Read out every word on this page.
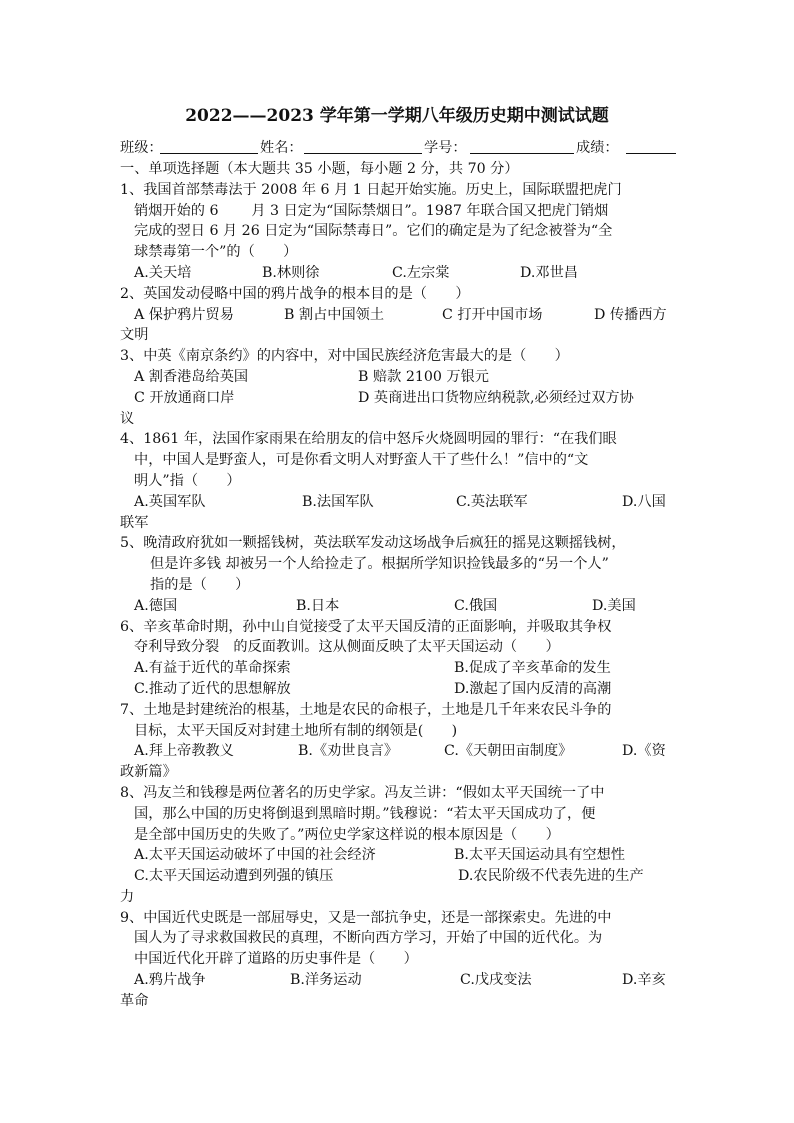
2022——2023 学年第一学期八年级历史期中测试试题
班级：	姓名：	学号：	成绩：
一、单项选择题（本大题共 35 小题，每小题 2 分，共 70 分）
1、我国首部禁毒法于 2008 年 6 月 1 日起开始实施。历史上，国际联盟把虎门
销烟开始的 6　　 月 3 日定为“国际禁烟日”。1987 年联合国又把虎门销烟
完成的翌日 6 月 26 日定为“国际禁毒日”。它们的确定是为了纪念被誉为“全
球禁毒第一个”的（　　）
A.关天培	B.林则徐	C.左宗棠	D.邓世昌
2、英国发动侵略中国的鸦片战争的根本目的是（　　）
A 保护鸦片贸易	B 割占中国领土	C 打开中国市场	D 传播西方
文明
3、中英《南京条约》的内容中，对中国民族经济危害最大的是（　　）
A 割香港岛给英国	B 赔款 2100 万银元
C 开放通商口岸	D 英商进出口货物应纳税款,必须经过双方协
议
4、1861 年，法国作家雨果在给朋友的信中怒斥火烧圆明园的罪行：“在我们眼
中，中国人是野蛮人，可是你看文明人对野蛮人干了些什么！”信中的“文
明人”指（　　）
A.英国军队	B.法国军队	C.英法联军	D.八国
联军
5、晚清政府犹如一颗摇钱树，英法联军发动这场战争后疯狂的摇晃这颗摇钱树，
但是许多钱 却被另一个人给捡走了。根据所学知识捡钱最多的“另一个人”
指的是（　　）
A.德国	B.日本	C.俄国	D.美国
6、辛亥革命时期，孙中山自觉接受了太平天国反清的正面影响，并吸取其争权
夺利导致分裂　的反面教训。这从侧面反映了太平天国运动（　　）
A.有益于近代的革命探索	B.促成了辛亥革命的发生
C.推动了近代的思想解放	D.激起了国内反清的高潮
7、土地是封建统治的根基，土地是农民的命根子，土地是几千年来农民斗争的
目标，太平天国反对封建土地所有制的纲领是(　　)
A.拜上帝教教义	B.《劝世良言》	C.《天朝田亩制度》	D.《资
政新篇》
8、冯友兰和钱穆是两位著名的历史学家。冯友兰讲：“假如太平天国统一了中
国，那么中国的历史将倒退到黑暗时期。”钱穆说：“若太平天国成功了，便
是全部中国历史的失败了。”两位史学家这样说的根本原因是（　　）
A.太平天国运动破坏了中国的社会经济	B.太平天国运动具有空想性
C.太平天国运动遭到列强的镇压	D.农民阶级不代表先进的生产
力
9、中国近代史既是一部屈辱史，又是一部抗争史，还是一部探索史。先进的中
国人为了寻求救国救民的真理，不断向西方学习，开始了中国的近代化。为
中国近代化开辟了道路的历史事件是（　　）
A.鸦片战争	B.洋务运动	C.戊戌变法	D.辛亥
革命
